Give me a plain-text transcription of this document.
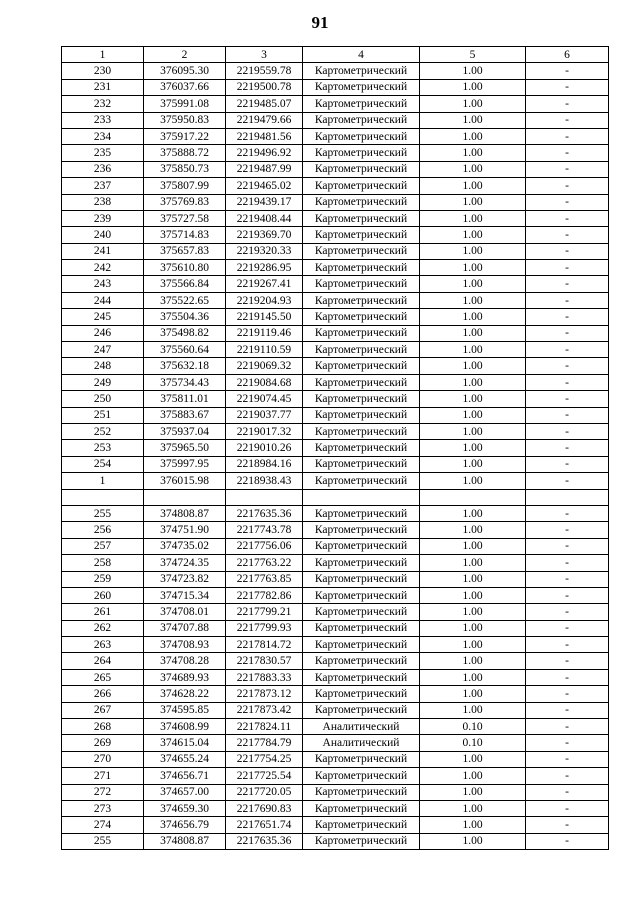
91
1	2	3	4	5	6
230	376095.30	2219559.78	Картометрический	1.00	-
231	376037.66	2219500.78	Картометрический	1.00	-
232	375991.08	2219485.07	Картометрический	1.00	-
233	375950.83	2219479.66	Картометрический	1.00	-
234	375917.22	2219481.56	Картометрический	1.00	-
235	375888.72	2219496.92	Картометрический	1.00	-
236	375850.73	2219487.99	Картометрический	1.00	-
237	375807.99	2219465.02	Картометрический	1.00	-
238	375769.83	2219439.17	Картометрический	1.00	-
239	375727.58	2219408.44	Картометрический	1.00	-
240	375714.83	2219369.70	Картометрический	1.00	-
241	375657.83	2219320.33	Картометрический	1.00	-
242	375610.80	2219286.95	Картометрический	1.00	-
243	375566.84	2219267.41	Картометрический	1.00	-
244	375522.65	2219204.93	Картометрический	1.00	-
245	375504.36	2219145.50	Картометрический	1.00	-
246	375498.82	2219119.46	Картометрический	1.00	-
247	375560.64	2219110.59	Картометрический	1.00	-
248	375632.18	2219069.32	Картометрический	1.00	-
249	375734.43	2219084.68	Картометрический	1.00	-
250	375811.01	2219074.45	Картометрический	1.00	-
251	375883.67	2219037.77	Картометрический	1.00	-
252	375937.04	2219017.32	Картометрический	1.00	-
253	375965.50	2219010.26	Картометрический	1.00	-
254	375997.95	2218984.16	Картометрический	1.00	-
1	376015.98	2218938.43	Картометрический	1.00	-

255	374808.87	2217635.36	Картометрический	1.00	-
256	374751.90	2217743.78	Картометрический	1.00	-
257	374735.02	2217756.06	Картометрический	1.00	-
258	374724.35	2217763.22	Картометрический	1.00	-
259	374723.82	2217763.85	Картометрический	1.00	-
260	374715.34	2217782.86	Картометрический	1.00	-
261	374708.01	2217799.21	Картометрический	1.00	-
262	374707.88	2217799.93	Картометрический	1.00	-
263	374708.93	2217814.72	Картометрический	1.00	-
264	374708.28	2217830.57	Картометрический	1.00	-
265	374689.93	2217883.33	Картометрический	1.00	-
266	374628.22	2217873.12	Картометрический	1.00	-
267	374595.85	2217873.42	Картометрический	1.00	-
268	374608.99	2217824.11	Аналитический	0.10	-
269	374615.04	2217784.79	Аналитический	0.10	-
270	374655.24	2217754.25	Картометрический	1.00	-
271	374656.71	2217725.54	Картометрический	1.00	-
272	374657.00	2217720.05	Картометрический	1.00	-
273	374659.30	2217690.83	Картометрический	1.00	-
274	374656.79	2217651.74	Картометрический	1.00	-
255	374808.87	2217635.36	Картометрический	1.00	-
